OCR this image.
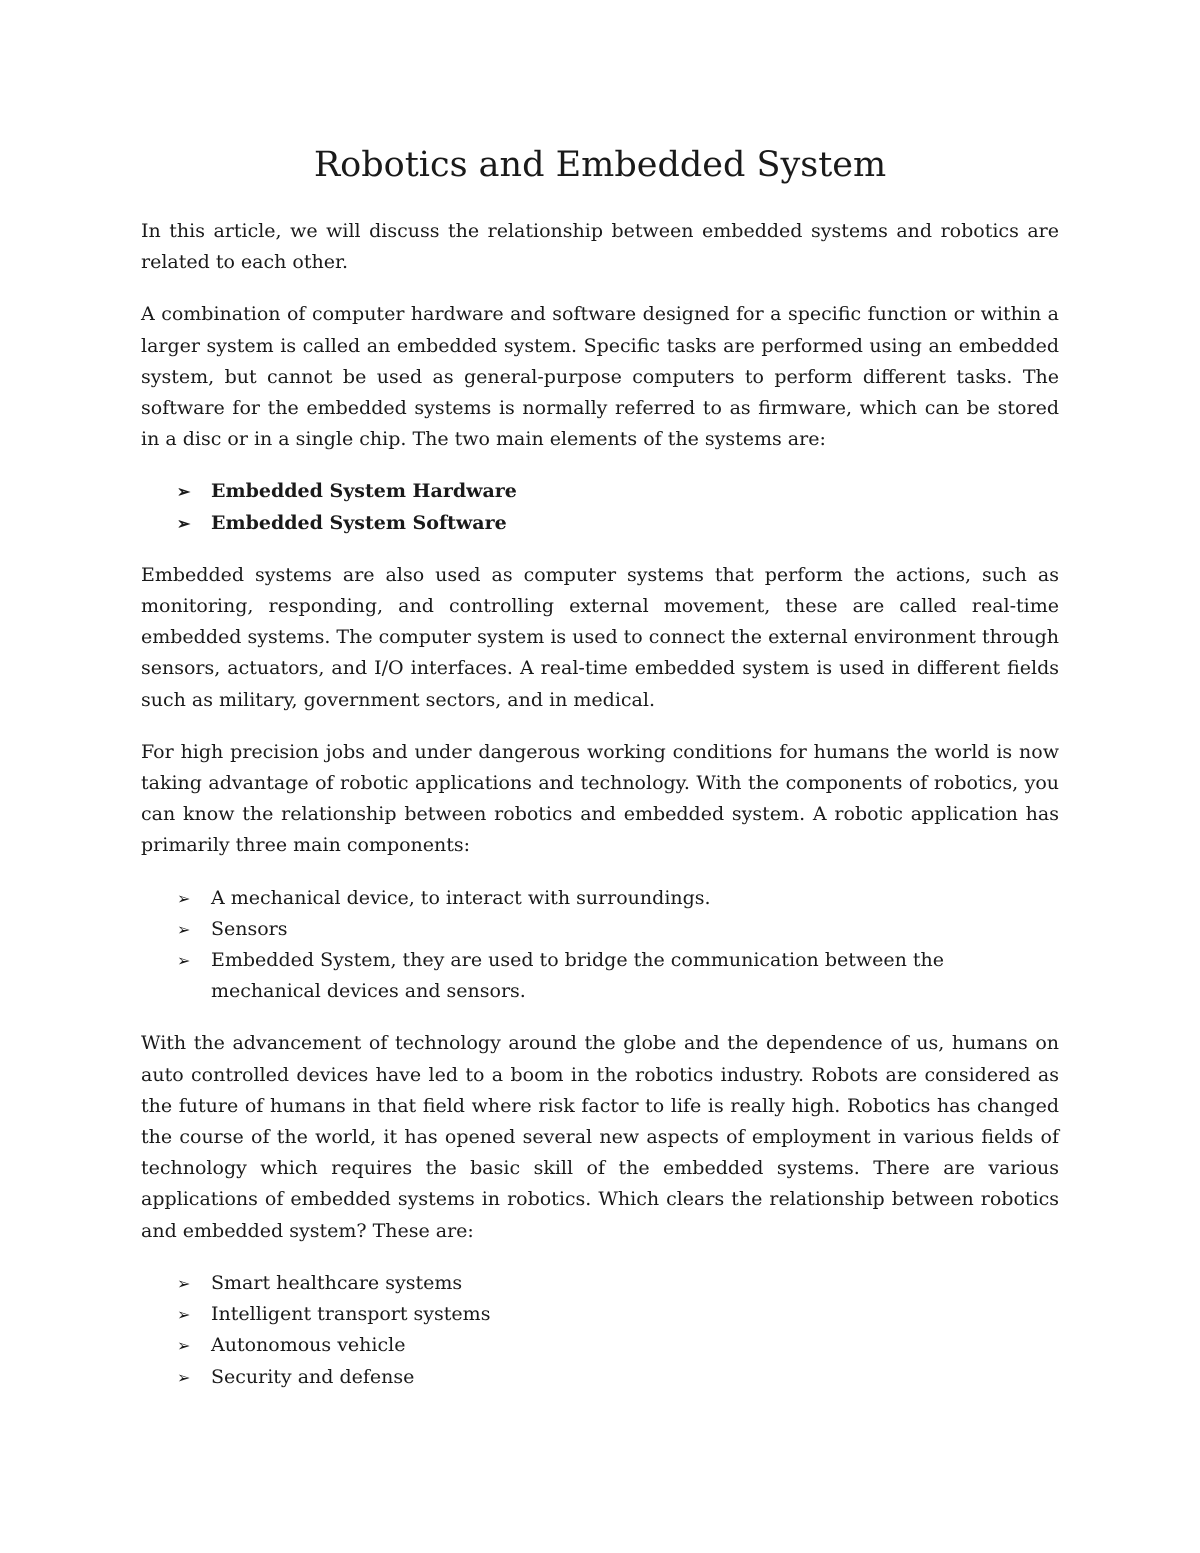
Robotics and Embedded System

In this article, we will discuss the relationship between embedded systems and robotics are related to each other.

A combination of computer hardware and software designed for a specific function or within a larger system is called an embedded system. Specific tasks are performed using an embedded system, but cannot be used as general-purpose computers to perform different tasks. The software for the embedded systems is normally referred to as firmware, which can be stored in a disc or in a single chip. The two main elements of the systems are:

➢ Embedded System Hardware
➢ Embedded System Software

Embedded systems are also used as computer systems that perform the actions, such as monitoring, responding, and controlling external movement, these are called real-time embedded systems. The computer system is used to connect the external environment through sensors, actuators, and I/O interfaces. A real-time embedded system is used in different fields such as military, government sectors, and in medical.

For high precision jobs and under dangerous working conditions for humans the world is now taking advantage of robotic applications and technology. With the components of robotics, you can know the relationship between robotics and embedded system. A robotic application has primarily three main components:

➢ A mechanical device, to interact with surroundings.
➢ Sensors
➢ Embedded System, they are used to bridge the communication between the mechanical devices and sensors.

With the advancement of technology around the globe and the dependence of us, humans on auto controlled devices have led to a boom in the robotics industry. Robots are considered as the future of humans in that field where risk factor to life is really high. Robotics has changed the course of the world, it has opened several new aspects of employment in various fields of technology which requires the basic skill of the embedded systems. There are various applications of embedded systems in robotics. Which clears the relationship between robotics and embedded system? These are:

➢ Smart healthcare systems
➢ Intelligent transport systems
➢ Autonomous vehicle
➢ Security and defense
